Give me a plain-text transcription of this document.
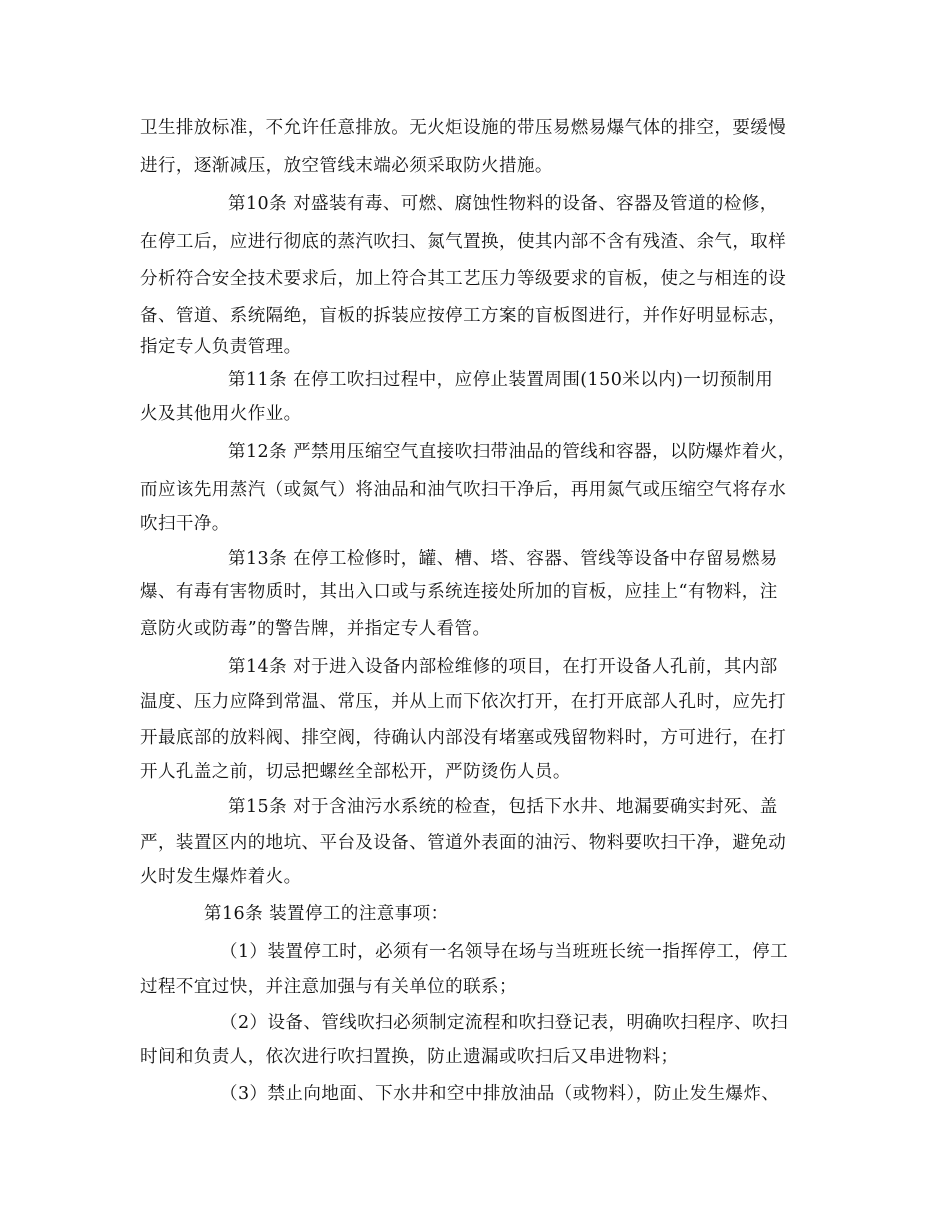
卫生排放标准，不允许任意排放。无火炬设施的带压易燃易爆气体的排空，要缓慢
进行，逐渐减压，放空管线末端必须采取防火措施。
第10条 对盛装有毒、可燃、腐蚀性物料的设备、容器及管道的检修，
在停工后，应进行彻底的蒸汽吹扫、氮气置换，使其内部不含有残渣、余气，取样
分析符合安全技术要求后，加上符合其工艺压力等级要求的盲板，使之与相连的设
备、管道、系统隔绝，盲板的拆装应按停工方案的盲板图进行，并作好明显标志，
指定专人负责管理。
第11条 在停工吹扫过程中，应停止装置周围(150米以内)一切预制用
火及其他用火作业。
第12条 严禁用压缩空气直接吹扫带油品的管线和容器，以防爆炸着火，
而应该先用蒸汽（或氮气）将油品和油气吹扫干净后，再用氮气或压缩空气将存水
吹扫干净。
第13条 在停工检修时，罐、槽、塔、容器、管线等设备中存留易燃易
爆、有毒有害物质时，其出入口或与系统连接处所加的盲板，应挂上“有物料，注
意防火或防毒”的警告牌，并指定专人看管。
第14条 对于进入设备内部检维修的项目，在打开设备人孔前，其内部
温度、压力应降到常温、常压，并从上而下依次打开，在打开底部人孔时，应先打
开最底部的放料阀、排空阀，待确认内部没有堵塞或残留物料时，方可进行，在打
开人孔盖之前，切忌把螺丝全部松开，严防烫伤人员。
第15条 对于含油污水系统的检查，包括下水井、地漏要确实封死、盖
严，装置区内的地坑、平台及设备、管道外表面的油污、物料要吹扫干净，避免动
火时发生爆炸着火。
第16条 装置停工的注意事项：
（1）装置停工时，必须有一名领导在场与当班班长统一指挥停工，停工
过程不宜过快，并注意加强与有关单位的联系；
（2）设备、管线吹扫必须制定流程和吹扫登记表，明确吹扫程序、吹扫
时间和负责人，依次进行吹扫置换，防止遗漏或吹扫后又串进物料；
（3）禁止向地面、下水井和空中排放油品（或物料），防止发生爆炸、
